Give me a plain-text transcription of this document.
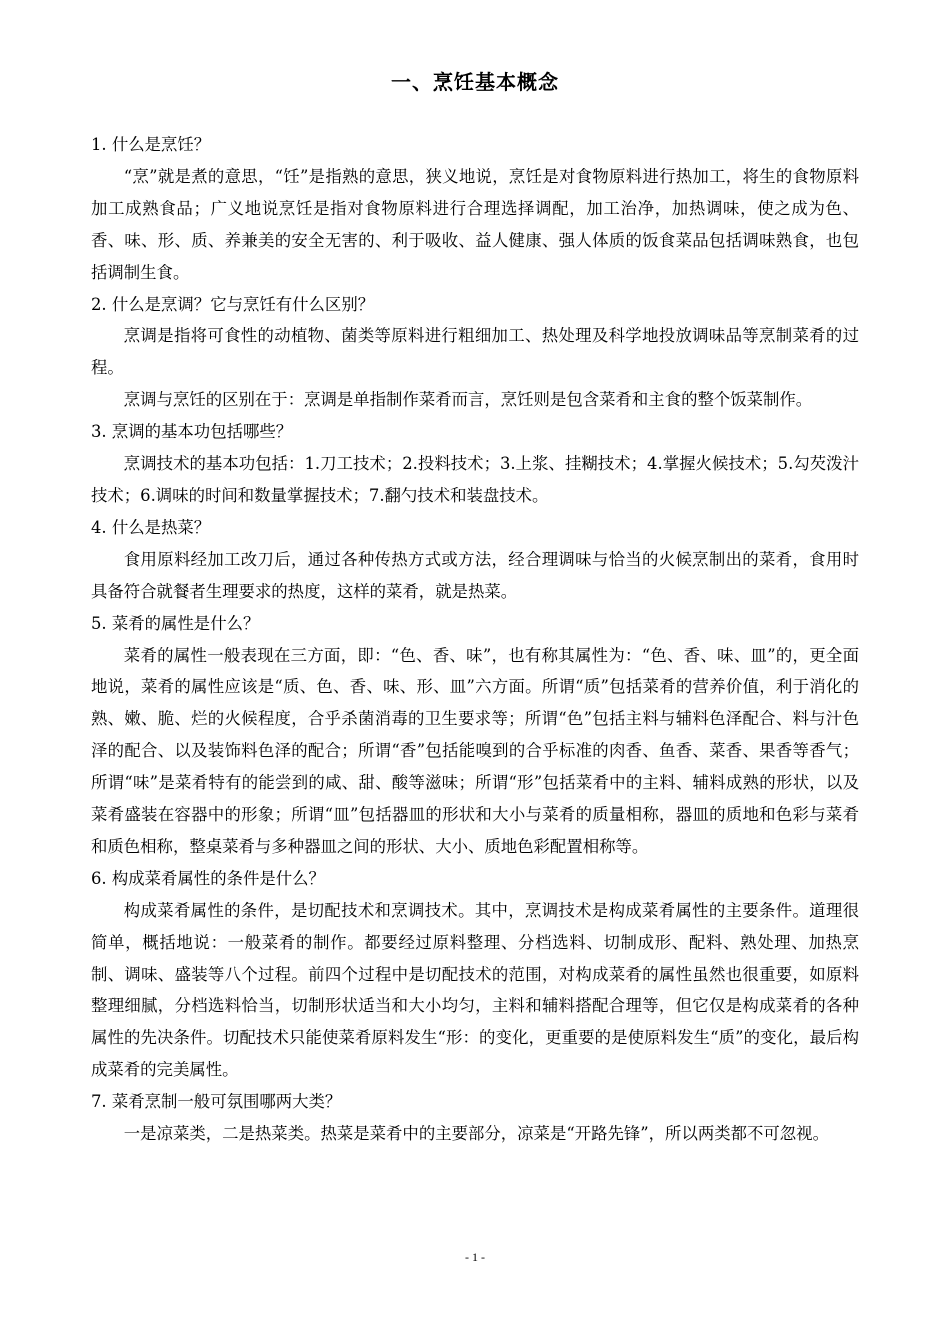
一、烹饪基本概念

1. 什么是烹饪？

“烹”就是煮的意思，“饪”是指熟的意思，狭义地说，烹饪是对食物原料进行热加工，将生的食物原料加工成熟食品；广义地说烹饪是指对食物原料进行合理选择调配，加工治净，加热调味，使之成为色、香、味、形、质、养兼美的安全无害的、利于吸收、益人健康、强人体质的饭食菜品包括调味熟食，也包括调制生食。

2. 什么是烹调？它与烹饪有什么区别？

烹调是指将可食性的动植物、菌类等原料进行粗细加工、热处理及科学地投放调味品等烹制菜肴的过程。

烹调与烹饪的区别在于：烹调是单指制作菜肴而言，烹饪则是包含菜肴和主食的整个饭菜制作。

3. 烹调的基本功包括哪些？

烹调技术的基本功包括：1.刀工技术；2.投料技术；3.上浆、挂糊技术；4.掌握火候技术；5.勾芡泼汁技术；6.调味的时间和数量掌握技术；7.翻勺技术和装盘技术。

4. 什么是热菜？

食用原料经加工改刀后，通过各种传热方式或方法，经合理调味与恰当的火候烹制出的菜肴，食用时具备符合就餐者生理要求的热度，这样的菜肴，就是热菜。

5. 菜肴的属性是什么？

菜肴的属性一般表现在三方面，即：“色、香、味”，也有称其属性为：“色、香、味、皿”的，更全面地说，菜肴的属性应该是“质、色、香、味、形、皿”六方面。所谓“质”包括菜肴的营养价值，利于消化的熟、嫩、脆、烂的火候程度，合乎杀菌消毒的卫生要求等；所谓“色”包括主料与辅料色泽配合、料与汁色泽的配合、以及装饰料色泽的配合；所谓“香”包括能嗅到的合乎标准的肉香、鱼香、菜香、果香等香气；所谓“味”是菜肴特有的能尝到的咸、甜、酸等滋味；所谓“形”包括菜肴中的主料、辅料成熟的形状，以及菜肴盛装在容器中的形象；所谓“皿”包括器皿的形状和大小与菜肴的质量相称，器皿的质地和色彩与菜肴和质色相称，整桌菜肴与多种器皿之间的形状、大小、质地色彩配置相称等。

6. 构成菜肴属性的条件是什么？

构成菜肴属性的条件，是切配技术和烹调技术。其中，烹调技术是构成菜肴属性的主要条件。道理很简单，概括地说：一般菜肴的制作。都要经过原料整理、分档选料、切制成形、配料、熟处理、加热烹制、调味、盛装等八个过程。前四个过程中是切配技术的范围，对构成菜肴的属性虽然也很重要，如原料整理细腻，分档选料恰当，切制形状适当和大小均匀，主料和辅料搭配合理等，但它仅是构成菜肴的各种属性的先决条件。切配技术只能使菜肴原料发生“形：的变化，更重要的是使原料发生“质”的变化，最后构成菜肴的完美属性。

7. 菜肴烹制一般可氛围哪两大类？

一是凉菜类，二是热菜类。热菜是菜肴中的主要部分，凉菜是“开路先锋”，所以两类都不可忽视。

- 1 -
